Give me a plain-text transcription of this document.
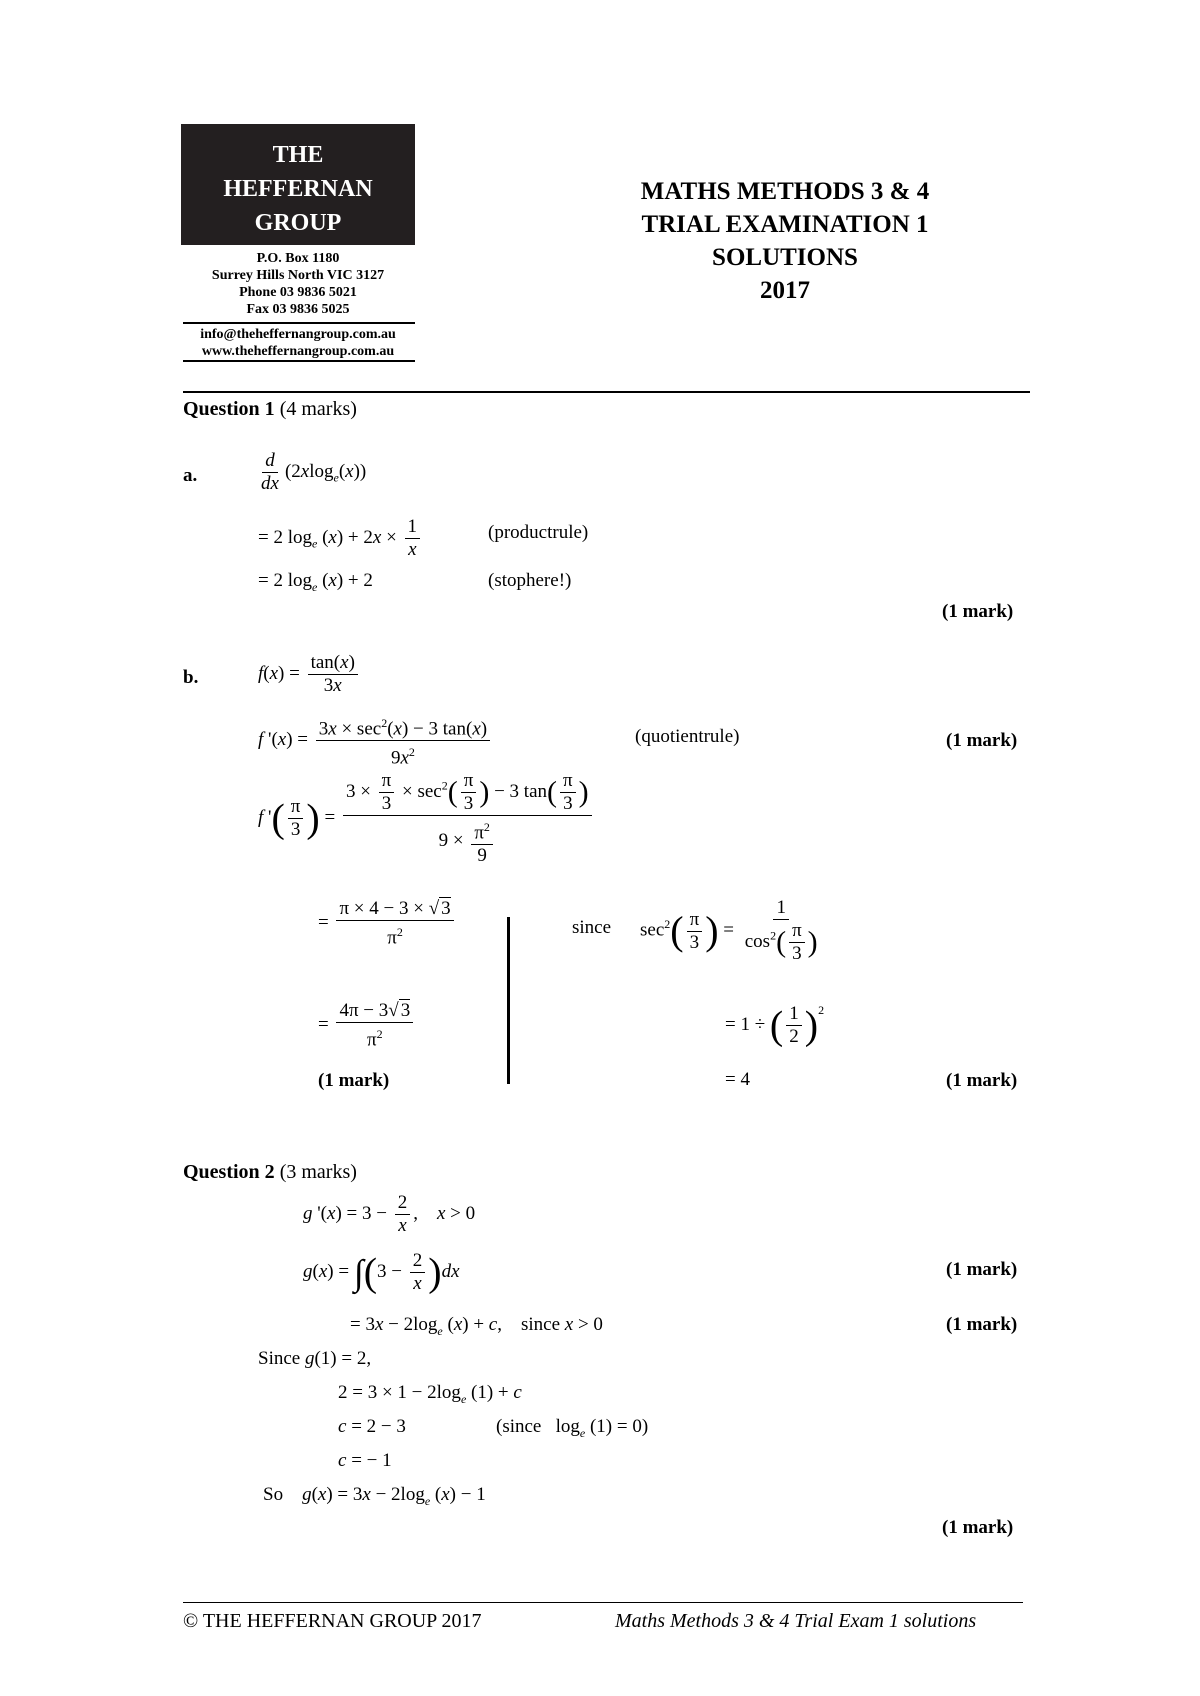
THE
HEFFERNAN
GROUP
P.O. Box 1180
Surrey Hills North VIC 3127
Phone 03 9836 5021
Fax 03 9836 5025
info@theheffernangroup.com.au
www.theheffernangroup.com.au
MATHS METHODS 3 & 4
TRIAL EXAMINATION 1
SOLUTIONS
2017
Question 1 (4 marks)
a.	$\frac{d}{dx} (2xlog_e(x))$
= 2 $\log_e (x) + 2x \times \frac{1}{x}$	(productrule)
= 2 $\log_e (x) + 2$	(stophere!)
(1 mark)
b.	$f(x) = \frac{\tan(x)}{3x}$
f '$(x) = \frac{3x \times \sec^2(x) - 3 \tan(x)}{9x^2}$	(quotientrule)	(1 mark)
f '( $\frac{\pi}{3}$ ) = $\frac{3 \times \frac{\pi}{3} \times \sec^2( \frac{\pi}{3} ) - 3 \tan( \frac{\pi}{3} )}{9 \times \frac{\pi^2}{9}}$
= $\frac{\pi \times 4 - 3 \times √ 3}{\pi^2}$
= $\frac{4\pi - 3√ 3}{\pi^2}$
(1 mark)
since $\sec^2( \frac{\pi}{3}$ ) = $\frac{1}{\cos^2( \frac{\pi}{3} )}$
= 1 ÷ ( $\frac{1}{2} )^2$
= 4	(1 mark)
Question 2 (3 marks)
g '$(x) = 3 - \frac{2}{x}$ ,    x > 0
$g(x) = \int(3 - \frac{2}{x} )dx$	(1 mark)
= $3x - 2\log_e$ (x) + c,    since x > 0	(1 mark)
Since g(1) = 2,
$2 = 3 \times 1 - 2\log_e$ (1) + c
c = 2 − 3	(since   $\log_e (1) = 0$)
c = − 1
So $g(x) = 3x - 2\log_e$ (x) − 1
(1 mark)
© THE HEFFERNAN GROUP 2017	Maths Methods 3 & 4 Trial Exam 1 solutions
